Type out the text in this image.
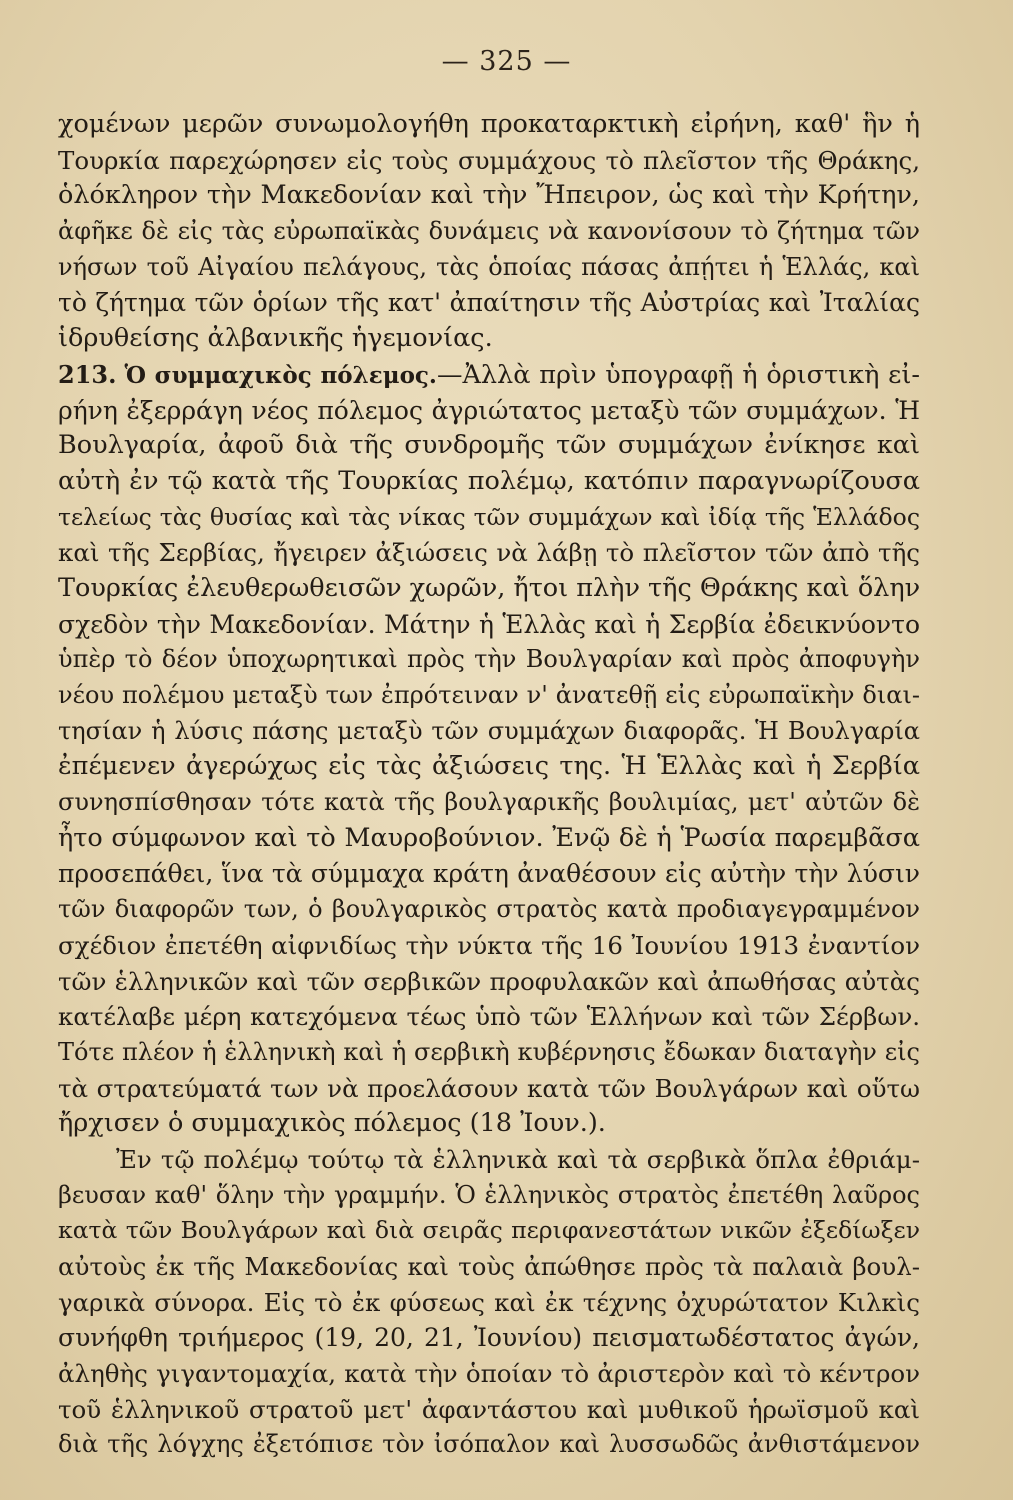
— 325 —
χομένων μερῶν συνωμολογήθη προκαταρκτικὴ εἰρήνη, καθ' ἣν ἡ
Τουρκία παρεχώρησεν εἰς τοὺς συμμάχους τὸ πλεῖστον τῆς Θράκης,
ὁλόκληρον τὴν Μακεδονίαν καὶ τὴν Ἤπειρον, ὡς καὶ τὴν Κρήτην,
ἀφῆκε δὲ εἰς τὰς εὐρωπαϊκὰς δυνάμεις νὰ κανονίσουν τὸ ζήτημα τῶν
νήσων τοῦ Αἰγαίου πελάγους, τὰς ὁποίας πάσας ἀπῄτει ἡ Ἑλλάς, καὶ
τὸ ζήτημα τῶν ὁρίων τῆς κατ' ἀπαίτησιν τῆς Αὐστρίας καὶ Ἰταλίας
ἱδρυθείσης ἀλβανικῆς ἡγεμονίας.
213. Ὁ συμμαχικὸς πόλεμος.—Ἀλλὰ πρὶν ὑπογραφῇ ἡ ὁριστικὴ εἰ-
ρήνη ἐξερράγη νέος πόλεμος ἀγριώτατος μεταξὺ τῶν συμμάχων. Ἡ
Βουλγαρία, ἀφοῦ διὰ τῆς συνδρομῆς τῶν συμμάχων ἐνίκησε καὶ
αὐτὴ ἐν τῷ κατὰ τῆς Τουρκίας πολέμῳ, κατόπιν παραγνωρίζουσα
τελείως τὰς θυσίας καὶ τὰς νίκας τῶν συμμάχων καὶ ἰδίᾳ τῆς Ἑλλάδος
καὶ τῆς Σερβίας, ἤγειρεν ἀξιώσεις νὰ λάβῃ τὸ πλεῖστον τῶν ἀπὸ τῆς
Τουρκίας ἐλευθερωθεισῶν χωρῶν, ἤτοι πλὴν τῆς Θράκης καὶ ὅλην
σχεδὸν τὴν Μακεδονίαν. Μάτην ἡ Ἑλλὰς καὶ ἡ Σερβία ἐδεικνύοντο
ὑπὲρ τὸ δέον ὑποχωρητικαὶ πρὸς τὴν Βουλγαρίαν καὶ πρὸς ἀποφυγὴν
νέου πολέμου μεταξὺ των ἐπρότειναν ν' ἀνατεθῇ εἰς εὐρωπαϊκὴν διαι-
τησίαν ἡ λύσις πάσης μεταξὺ τῶν συμμάχων διαφορᾶς. Ἡ Βουλγαρία
ἐπέμενεν ἀγερώχως εἰς τὰς ἀξιώσεις της. Ἡ Ἑλλὰς καὶ ἡ Σερβία
συνησπίσθησαν τότε κατὰ τῆς βουλγαρικῆς βουλιμίας, μετ' αὐτῶν δὲ
ἦτο σύμφωνον καὶ τὸ Μαυροβούνιον. Ἐνῷ δὲ ἡ Ῥωσία παρεμβᾶσα
προσεπάθει, ἵνα τὰ σύμμαχα κράτη ἀναθέσουν εἰς αὐτὴν τὴν λύσιν
τῶν διαφορῶν των, ὁ βουλγαρικὸς στρατὸς κατὰ προδιαγεγραμμένον
σχέδιον ἐπετέθη αἰφνιδίως τὴν νύκτα τῆς 16 Ἰουνίου 1913 ἐναντίον
τῶν ἑλληνικῶν καὶ τῶν σερβικῶν προφυλακῶν καὶ ἀπωθήσας αὐτὰς
κατέλαβε μέρη κατεχόμενα τέως ὑπὸ τῶν Ἑλλήνων καὶ τῶν Σέρβων.
Τότε πλέον ἡ ἑλληνικὴ καὶ ἡ σερβικὴ κυβέρνησις ἔδωκαν διαταγὴν εἰς
τὰ στρατεύματά των νὰ προελάσουν κατὰ τῶν Βουλγάρων καὶ οὕτω
ἤρχισεν ὁ συμμαχικὸς πόλεμος (18 Ἰουν.).
Ἐν τῷ πολέμῳ τούτῳ τὰ ἑλληνικὰ καὶ τὰ σερβικὰ ὅπλα ἐθριάμ-
βευσαν καθ' ὅλην τὴν γραμμήν. Ὁ ἑλληνικὸς στρατὸς ἐπετέθη λαῦρος
κατὰ τῶν Βουλγάρων καὶ διὰ σειρᾶς περιφανεστάτων νικῶν ἐξεδίωξεν
αὐτοὺς ἐκ τῆς Μακεδονίας καὶ τοὺς ἀπώθησε πρὸς τὰ παλαιὰ βουλ-
γαρικὰ σύνορα. Εἰς τὸ ἐκ φύσεως καὶ ἐκ τέχνης ὀχυρώτατον Κιλκὶς
συνήφθη τριήμερος (19, 20, 21, Ἰουνίου) πεισματωδέστατος ἀγών,
ἀληθὴς γιγαντομαχία, κατὰ τὴν ὁποίαν τὸ ἀριστερὸν καὶ τὸ κέντρον
τοῦ ἑλληνικοῦ στρατοῦ μετ' ἀφαντάστου καὶ μυθικοῦ ἡρωϊσμοῦ καὶ
διὰ τῆς λόγχης ἐξετόπισε τὸν ἰσόπαλον καὶ λυσσωδῶς ἀνθιστάμενον
